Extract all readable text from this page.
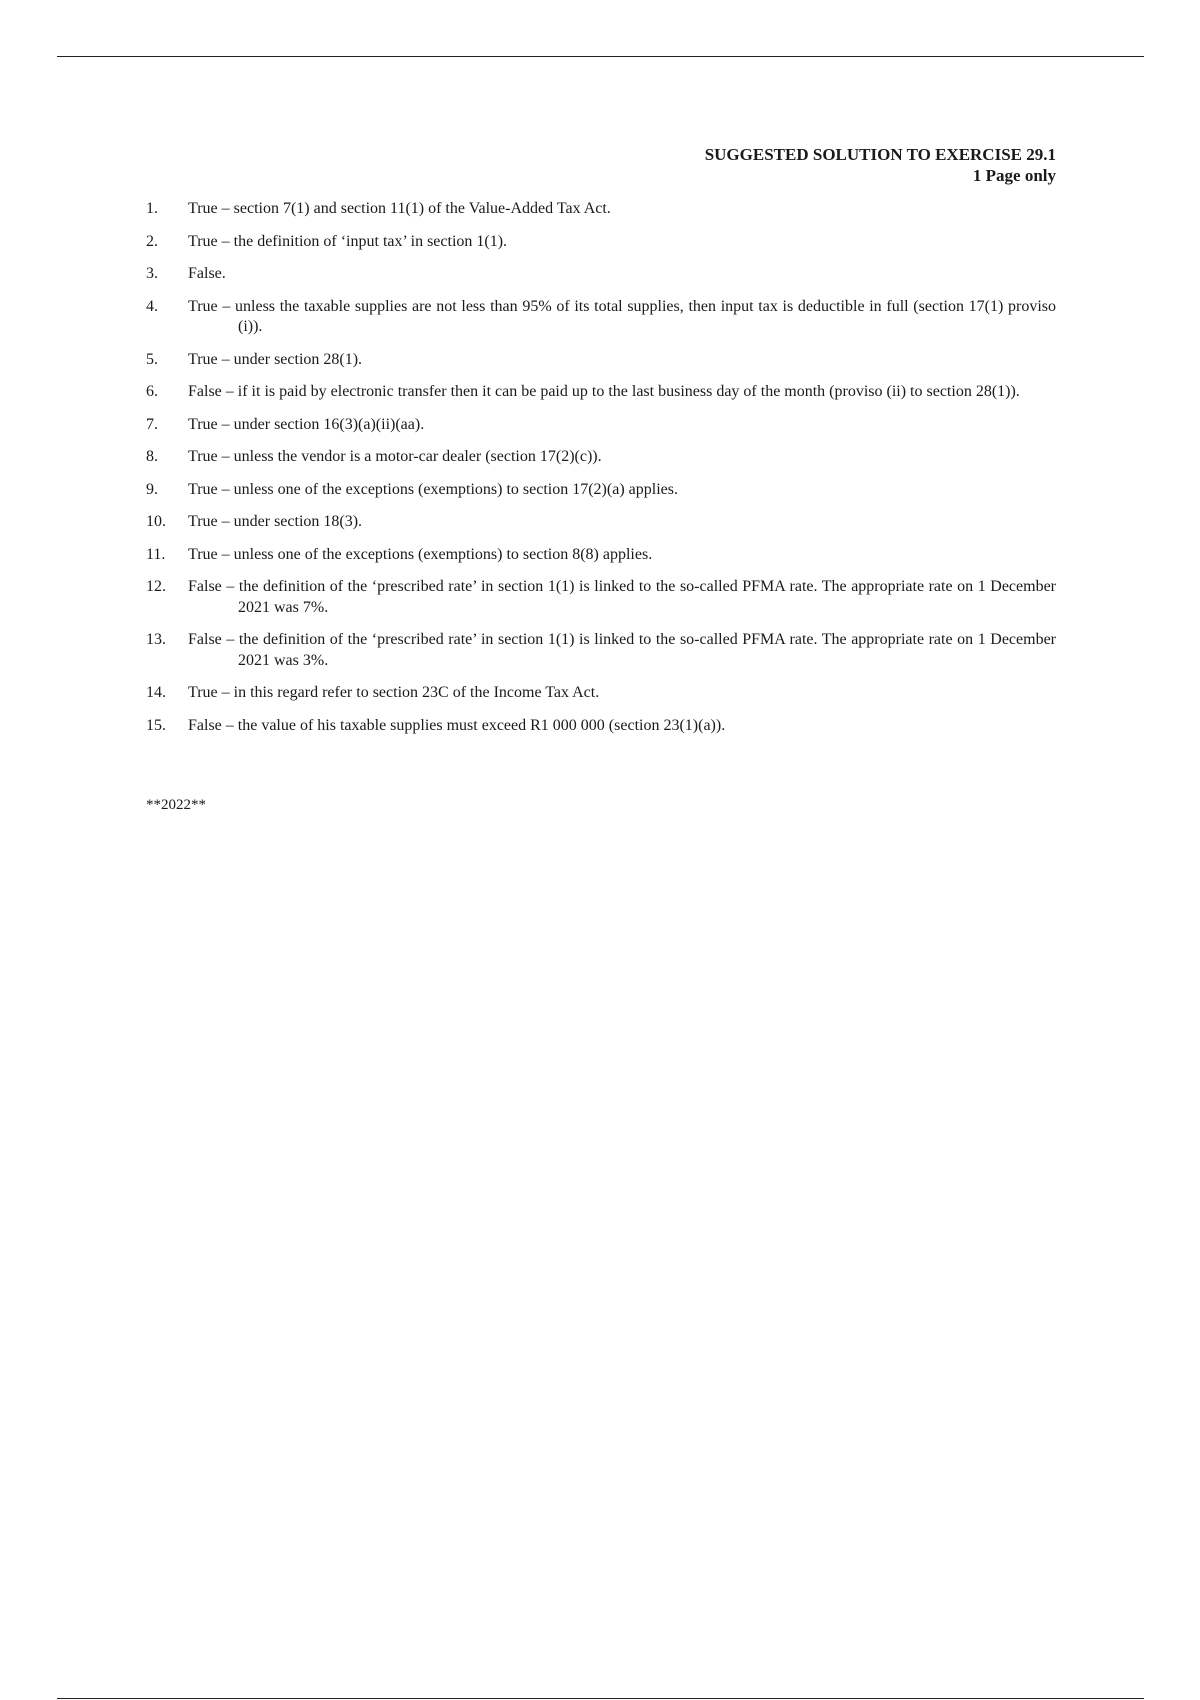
SUGGESTED SOLUTION TO EXERCISE 29.1
1 Page only
1.	True – section 7(1) and section 11(1) of the Value-Added Tax Act.
2.	True – the definition of ‘input tax’ in section 1(1).
3.	False.
4.	True – unless the taxable supplies are not less than 95% of its total supplies, then input tax is deductible in full (section 17(1) proviso (i)).
5.	True – under section 28(1).
6.	False – if it is paid by electronic transfer then it can be paid up to the last business day of the month (proviso (ii) to section 28(1)).
7.	True – under section 16(3)(a)(ii)(aa).
8.	True – unless the vendor is a motor-car dealer (section 17(2)(c)).
9.	True – unless one of the exceptions (exemptions) to section 17(2)(a) applies.
10.	True – under section 18(3).
11.	True – unless one of the exceptions (exemptions) to section 8(8) applies.
12.	False – the definition of the ‘prescribed rate’ in section 1(1) is linked to the so-called PFMA rate. The appropriate rate on 1 December 2021 was 7%.
13.	False – the definition of the ‘prescribed rate’ in section 1(1) is linked to the so-called PFMA rate. The appropriate rate on 1 December 2021 was 3%.
14.	True – in this regard refer to section 23C of the Income Tax Act.
15.	False – the value of his taxable supplies must exceed R1 000 000 (section 23(1)(a)).
**2022**
